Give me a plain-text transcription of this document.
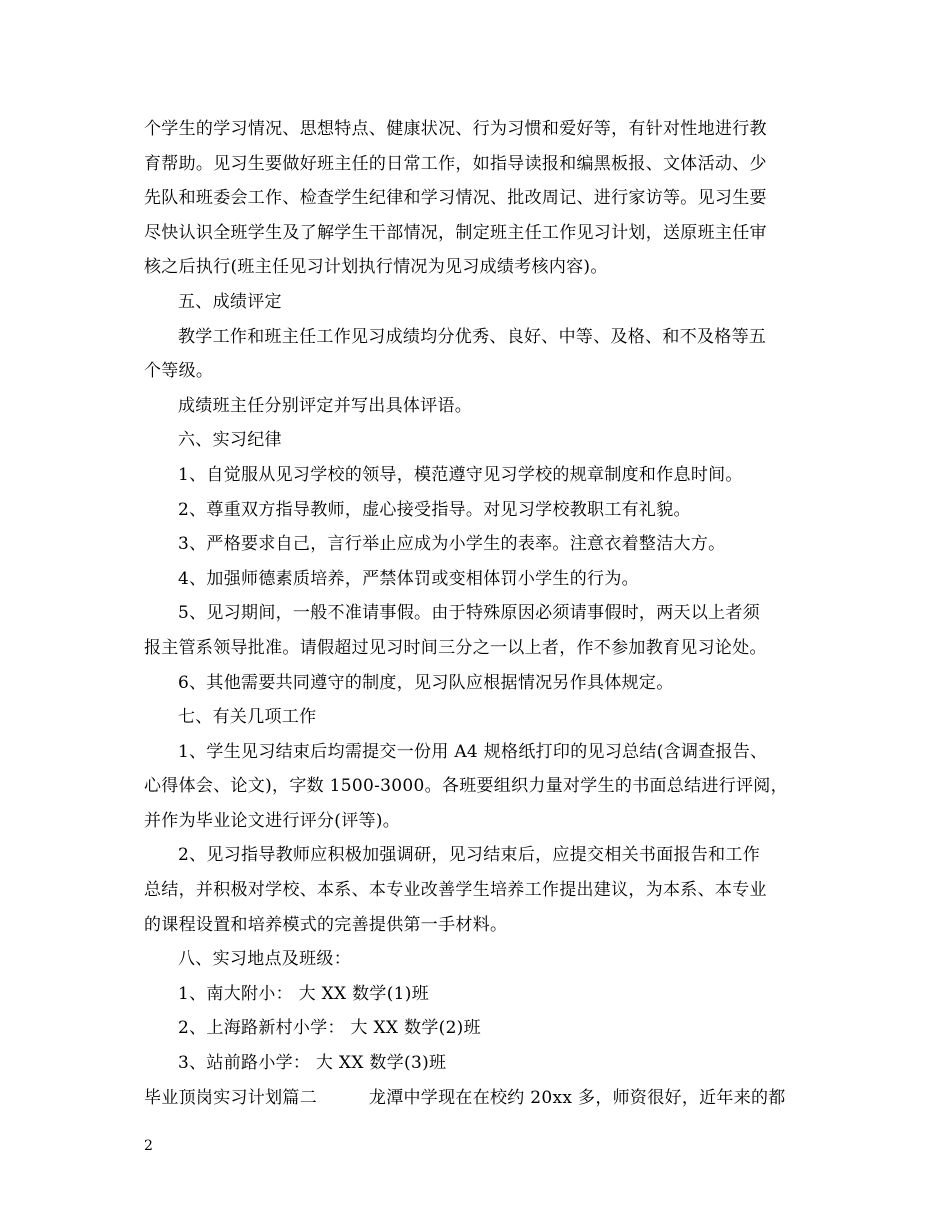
个学生的学习情况、思想特点、健康状况、行为习惯和爱好等，有针对性地进行教

育帮助。见习生要做好班主任的日常工作，如指导读报和编黑板报、文体活动、少

先队和班委会工作、检查学生纪律和学习情况、批改周记、进行家访等。见习生要

尽快认识全班学生及了解学生干部情况，制定班主任工作见习计划，送原班主任审

核之后执行(班主任见习计划执行情况为见习成绩考核内容)。

五、成绩评定

教学工作和班主任工作见习成绩均分优秀、良好、中等、及格、和不及格等五

个等级。

成绩班主任分别评定并写出具体评语。

六、实习纪律

1、自觉服从见习学校的领导，模范遵守见习学校的规章制度和作息时间。

2、尊重双方指导教师，虚心接受指导。对见习学校教职工有礼貌。

3、严格要求自己，言行举止应成为小学生的表率。注意衣着整洁大方。

4、加强师德素质培养，严禁体罚或变相体罚小学生的行为。

5、见习期间，一般不准请事假。由于特殊原因必须请事假时，两天以上者须

报主管系领导批准。请假超过见习时间三分之一以上者，作不参加教育见习论处。

6、其他需要共同遵守的制度，见习队应根据情况另作具体规定。

七、有关几项工作

1、学生见习结束后均需提交一份用 A4 规格纸打印的见习总结(含调查报告、

心得体会、论文)，字数 1500-3000。各班要组织力量对学生的书面总结进行评阅，

并作为毕业论文进行评分(评等)。

2、见习指导教师应积极加强调研，见习结束后，应提交相关书面报告和工作

总结，并积极对学校、本系、本专业改善学生培养工作提出建议，为本系、本专业

的课程设置和培养模式的完善提供第一手材料。

八、实习地点及班级：

1、南大附小： 大 XX 数学(1)班

2、上海路新村小学： 大 XX 数学(2)班

3、站前路小学： 大 XX 数学(3)班

毕业顶岗实习计划篇二　　　龙潭中学现在在校约 20xx 多，师资很好，近年来的都

2
